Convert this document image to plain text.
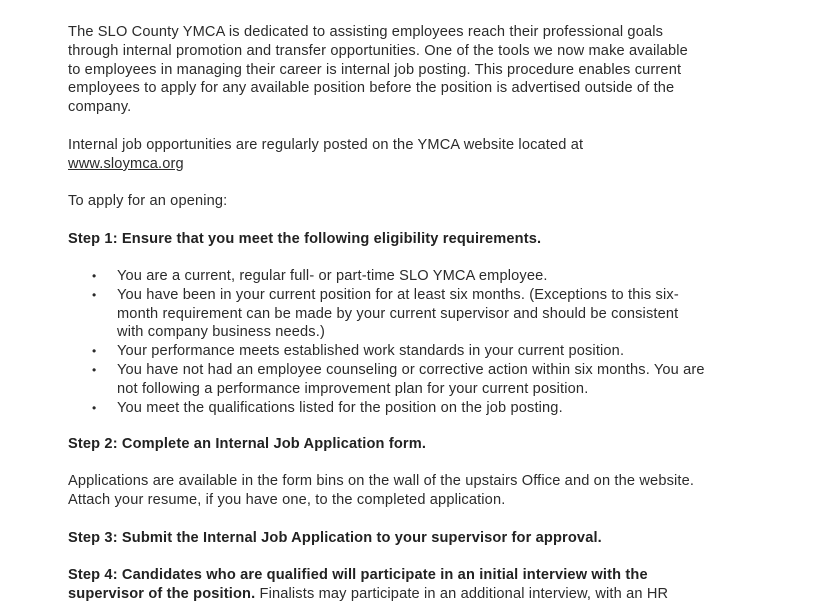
The SLO County YMCA is dedicated to assisting employees reach their professional goals
through internal promotion and transfer opportunities. One of the tools we now make available
to employees in managing their career is internal job posting. This procedure enables current
employees to apply for any available position before the position is advertised outside of the
company.

Internal job opportunities are regularly posted on the YMCA website located at
www.sloymca.org

To apply for an opening:

Step 1: Ensure that you meet the following eligibility requirements.

• You are a current, regular full- or part-time SLO YMCA employee.
• You have been in your current position for at least six months. (Exceptions to this six-
month requirement can be made by your current supervisor and should be consistent
with company business needs.)
• Your performance meets established work standards in your current position.
• You have not had an employee counseling or corrective action within six months. You are
not following a performance improvement plan for your current position.
• You meet the qualifications listed for the position on the job posting.

Step 2: Complete an Internal Job Application form.

Applications are available in the form bins on the wall of the upstairs Office and on the website.
Attach your resume, if you have one, to the completed application.

Step 3: Submit the Internal Job Application to your supervisor for approval.

Step 4: Candidates who are qualified will participate in an initial interview with the
supervisor of the position. Finalists may participate in an additional interview, with an HR
